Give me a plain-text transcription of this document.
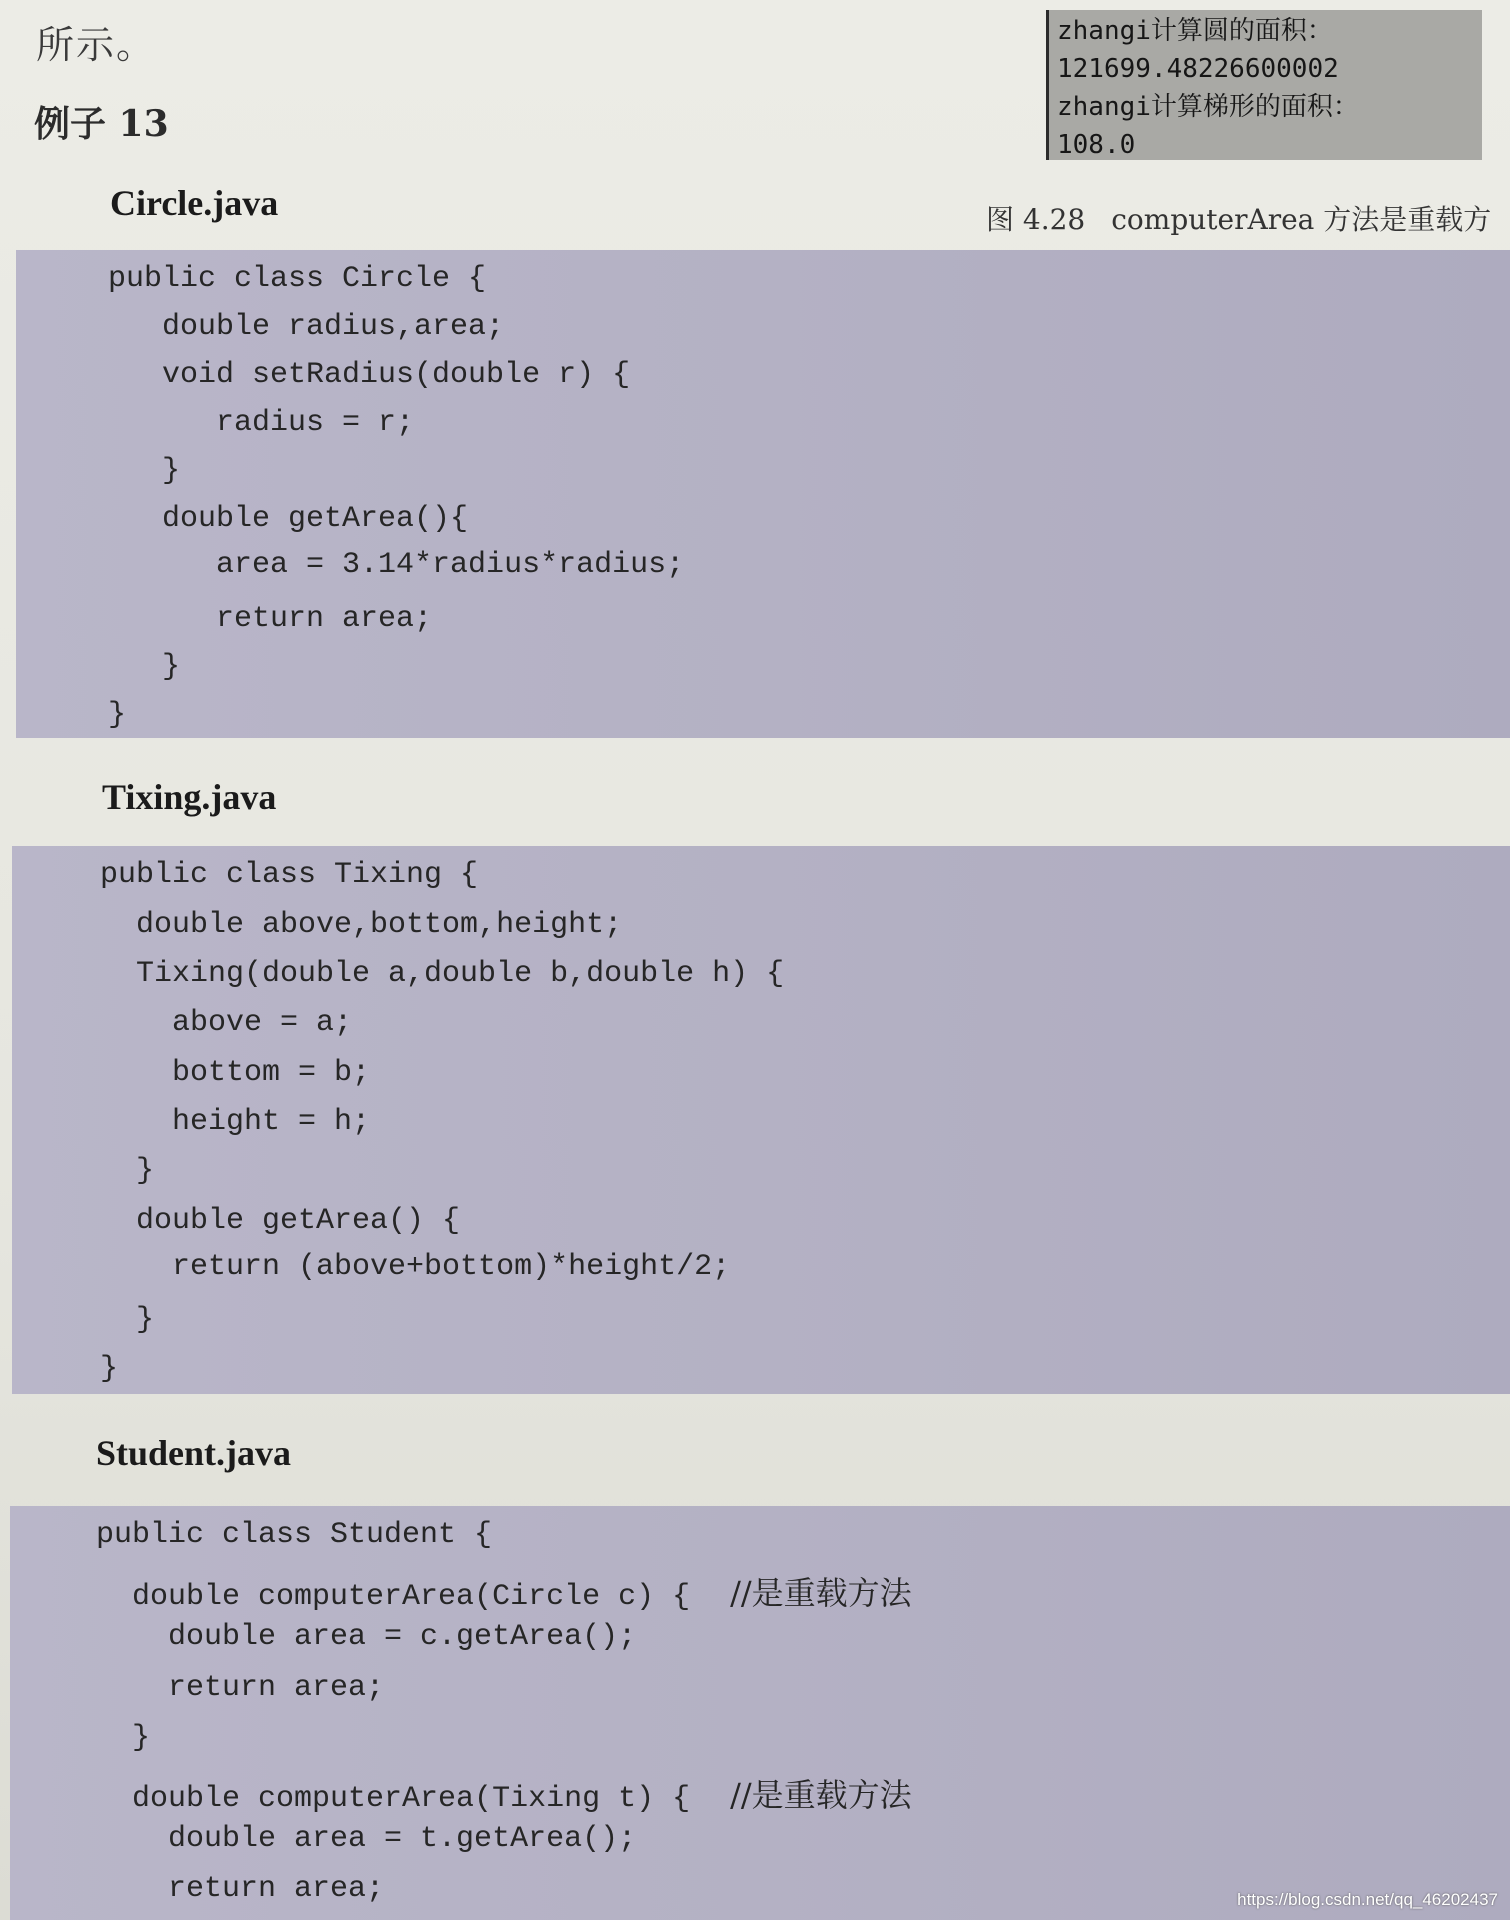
所示。
例子 13
zhangi计算圆的面积：
121699.48226600002
zhangi计算梯形的面积：
108.0
图 4.28 computerArea 方法是重载方
Circle.java
public class Circle {
double radius,area;
void setRadius(double r) {
radius = r;
}
double getArea(){
area = 3.14*radius*radius;
return area;
}
}
Tixing.java
public class Tixing {
double above,bottom,height;
Tixing(double a,double b,double h) {
above = a;
bottom = b;
height = h;
}
double getArea() {
return (above+bottom)*height/2;
}
}
Student.java
public class Student {
double computerArea(Circle c) { //是重载方法
double area = c.getArea();
return area;
}
double computerArea(Tixing t) { //是重载方法
double area = t.getArea();
return area;	https://blog.csdn.net/qq_46202437
